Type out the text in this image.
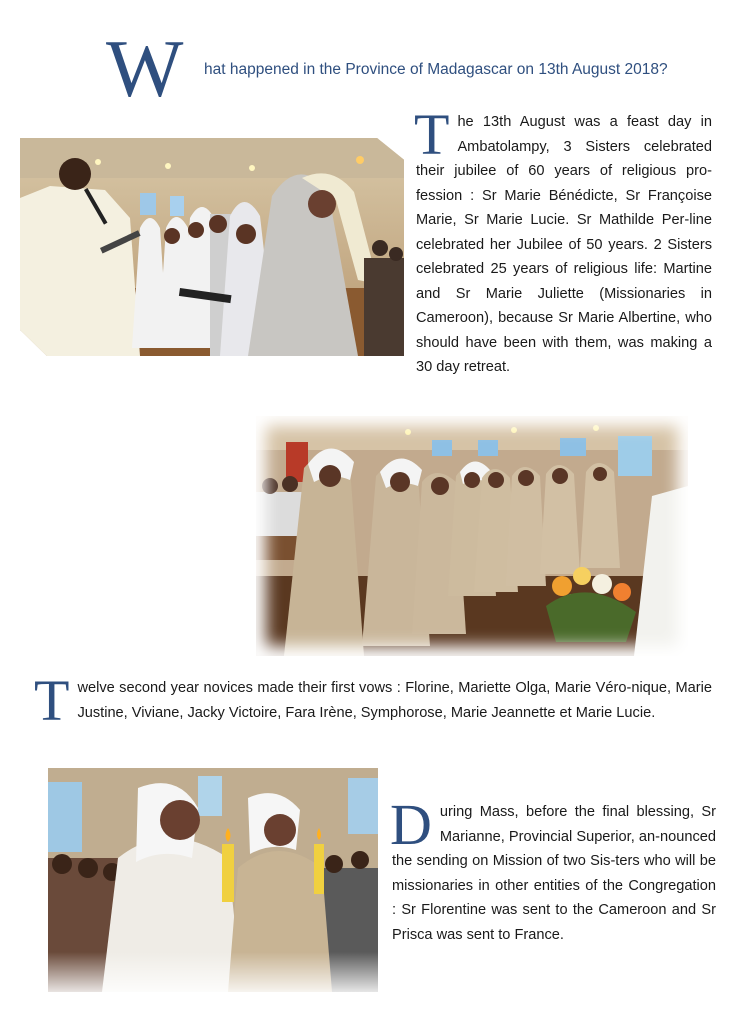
W hat happened in the Province of Madagascar on 13th August 2018?
The 13th August was a feast day in Ambatolampy, 3 Sisters celebrated their jubilee of 60 years of religious pro-fession : Sr Marie Bénédicte, Sr Françoise Marie, Sr Marie Lucie. Sr Mathilde Per-line celebrated her Jubilee of 50 years. 2 Sisters celebrated 25 years of religious life: Martine and Sr Marie Juliette (Missionaries in Cameroon), because Sr Marie Albertine, who should have been with them, was making a 30 day retreat.
Twelve second year novices made their first vows : Florine, Mariette Olga, Marie Véro-nique, Marie Justine, Viviane, Jacky Victoire, Fara Irène, Symphorose, Marie Jeannette et Marie Lucie.
During Mass, before the final blessing, Sr Marianne, Provincial Superior, an-nounced the sending on Mission of two Sis-ters who will be missionaries in other entities of the Congregation : Sr Florentine was sent to the Cameroon and Sr Prisca was sent to France.
